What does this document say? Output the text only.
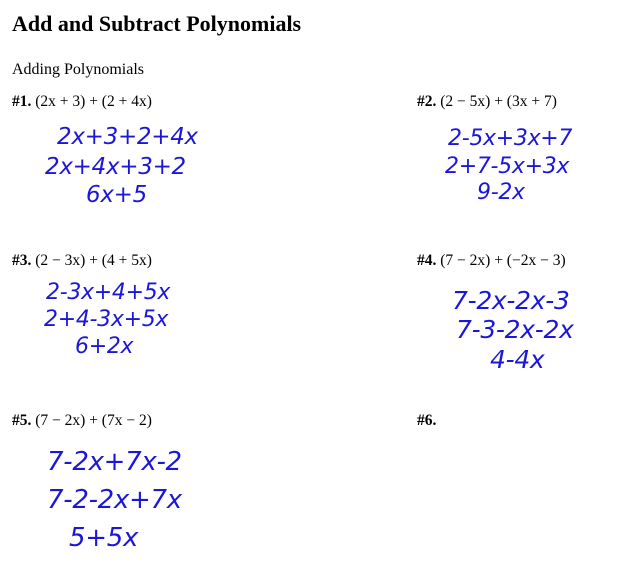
Add and Subtract Polynomials
Adding Polynomials
#1. (2x + 3) + (2 + 4x)
2x+3+2+4x
2x+4x+3+2
6x+5
#2. (2 − 5x) + (3x + 7)
2-5x+3x+7
2+7-5x+3x
9-2x
#3. (2 − 3x) + (4 + 5x)
2-3x+4+5x
2+4-3x+5x
6+2x
#4. (7 − 2x) + (−2x − 3)
7-2x-2x-3
7-3-2x-2x
4-4x
#5. (7 − 2x) + (7x − 2)
7-2x+7x-2
7-2-2x+7x
5+5x
#6.
